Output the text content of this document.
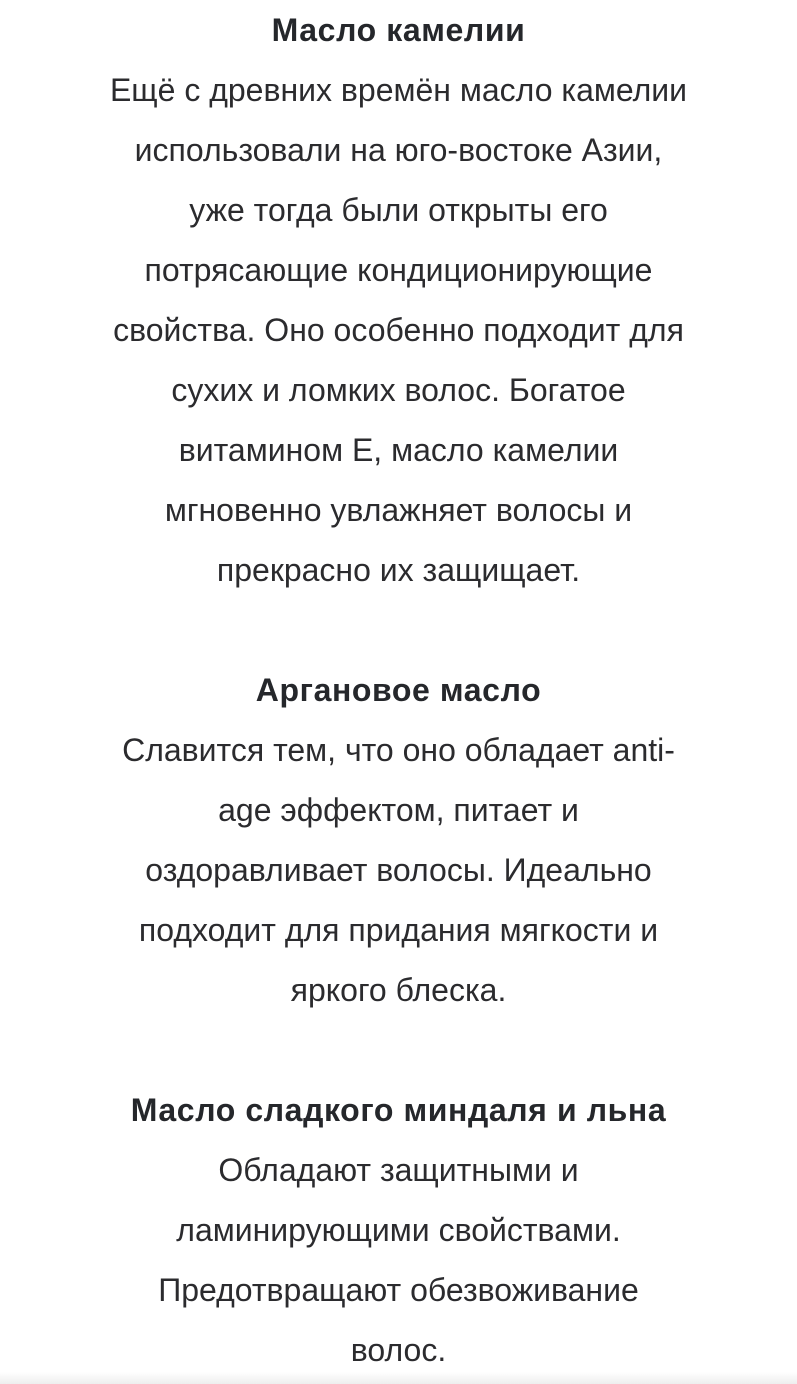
Масло камелии

Ещё с древних времён масло камелии
использовали на юго-востоке Азии,
уже тогда были открыты его
потрясающие кондиционирующие
свойства. Оно особенно подходит для
сухих и ломких волос. Богатое
витамином Е, масло камелии
мгновенно увлажняет волосы и
прекрасно их защищает.

Аргановое масло

Славится тем, что оно обладает anti-
age эффектом, питает и
оздоравливает волосы. Идеально
подходит для придания мягкости и
яркого блеска.

Масло сладкого миндаля и льна

Обладают защитными и
ламинирующими свойствами.
Предотвращают обезвоживание
волос.
